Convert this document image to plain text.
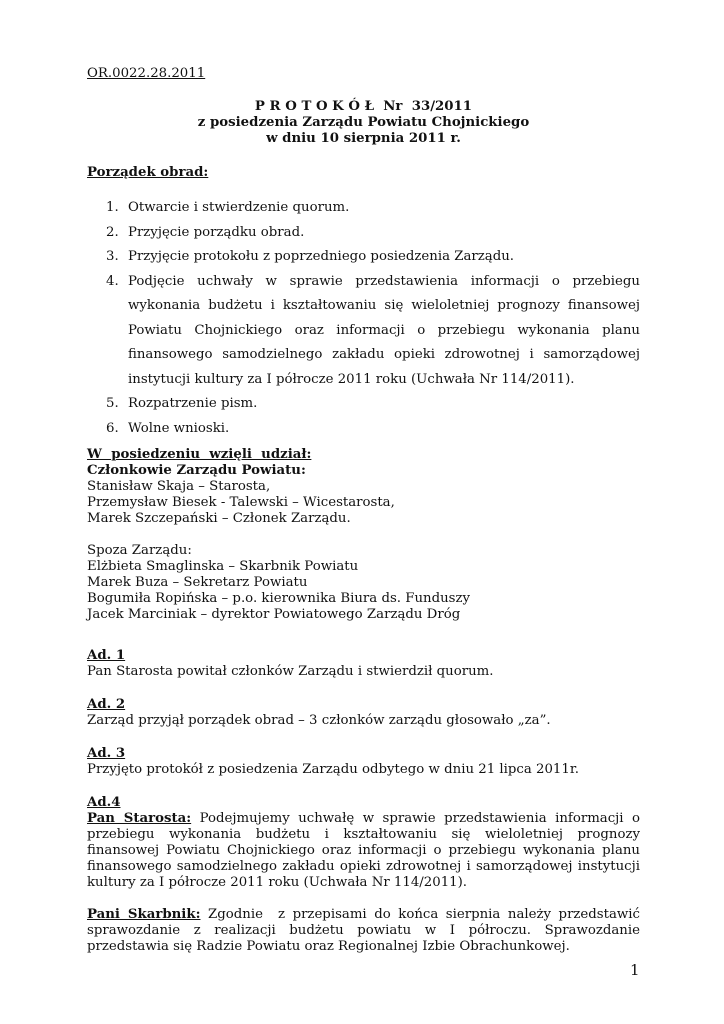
OR.0022.28.2011
P R O T O K Ó Ł  Nr  33/2011
z posiedzenia Zarządu Powiatu Chojnickiego
w dniu 10 sierpnia 2011 r.
Porządek obrad:
1. Otwarcie i stwierdzenie quorum.
2. Przyjęcie porządku obrad.
3. Przyjęcie protokołu z poprzedniego posiedzenia Zarządu.
4. Podjęcie uchwały w sprawie przedstawienia informacji o przebiegu wykonania budżetu i kształtowaniu się wieloletniej prognozy finansowej Powiatu Chojnickiego oraz informacji o przebiegu wykonania planu finansowego samodzielnego zakładu opieki zdrowotnej i samorządowej instytucji kultury za I półrocze 2011 roku (Uchwała Nr 114/2011).
5. Rozpatrzenie pism.
6. Wolne wnioski.
W  posiedzeniu  wzięli  udział:
Członkowie Zarządu Powiatu:
Stanisław Skaja – Starosta,
Przemysław Biesek - Talewski – Wicestarosta,
Marek Szczepański – Członek Zarządu.
Spoza Zarządu:
Elżbieta Smaglinska – Skarbnik Powiatu
Marek Buza – Sekretarz Powiatu
Bogumiła Ropińska – p.o. kierownika Biura ds. Funduszy
Jacek Marciniak – dyrektor Powiatowego Zarządu Dróg
Ad. 1
Pan Starosta powitał członków Zarządu i stwierdził quorum.
Ad. 2
Zarząd przyjął porządek obrad – 3 członków zarządu głosowało „za”.
Ad. 3
Przyjęto protokół z posiedzenia Zarządu odbytego w dniu 21 lipca 2011r.
Ad.4
Pan Starosta: Podejmujemy uchwałę w sprawie przedstawienia informacji o przebiegu wykonania budżetu i kształtowaniu się wieloletniej prognozy finansowej Powiatu Chojnickiego oraz informacji o przebiegu wykonania planu finansowego samodzielnego zakładu opieki zdrowotnej i samorządowej instytucji kultury za I półrocze 2011 roku (Uchwała Nr 114/2011).
Pani Skarbnik: Zgodnie  z przepisami do końca sierpnia należy przedstawić sprawozdanie z realizacji budżetu powiatu w I półroczu. Sprawozdanie przedstawia się Radzie Powiatu oraz Regionalnej Izbie Obrachunkowej.
1
